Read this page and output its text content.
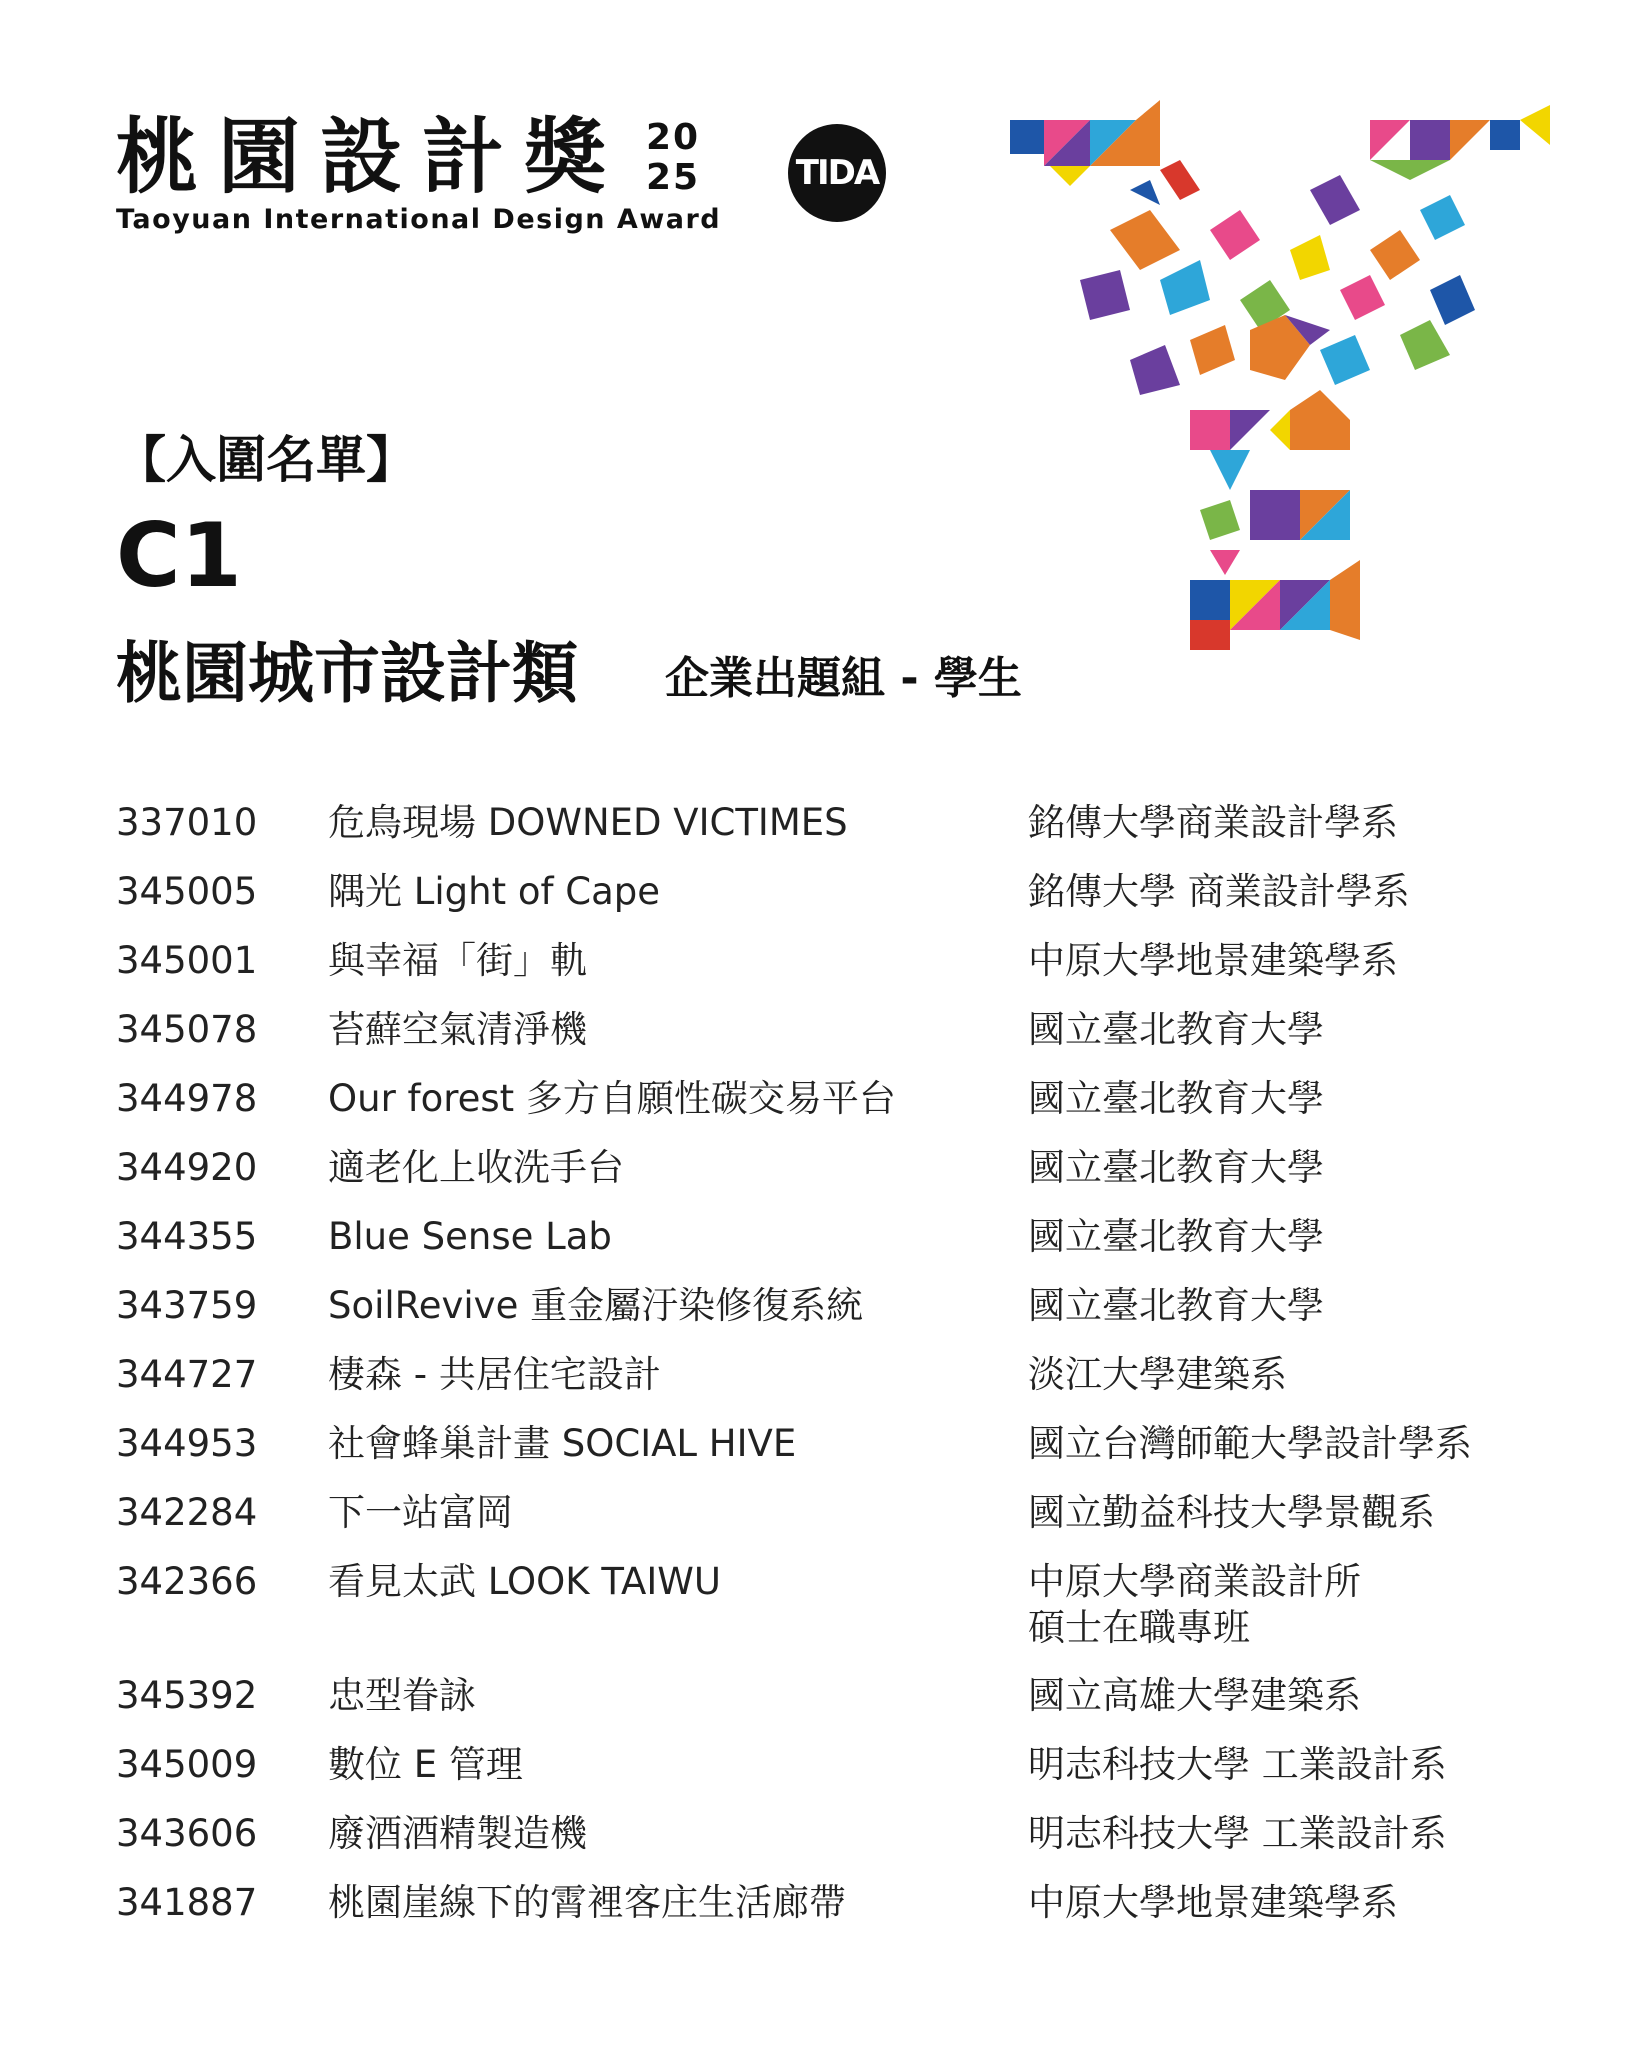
桃園設計獎 20
25
Taoyuan International Design Award
TIDA
【入圍名單】
C1
桃園城市設計類 企業出題組 - 學生
337010 危鳥現場 DOWNED VICTIMES	銘傳大學商業設計學系
345005 隅光 Light of Cape	銘傳大學 商業設計學系
345001 與幸福「街」軌	中原大學地景建築學系
345078 苔蘚空氣清淨機	國立臺北教育大學
344978 Our forest 多方自願性碳交易平台	國立臺北教育大學
344920 適老化上收洗手台	國立臺北教育大學
344355 Blue Sense Lab	國立臺北教育大學
343759 SoilRevive 重金屬汙染修復系統	國立臺北教育大學
344727 棲森 - 共居住宅設計	淡江大學建築系
344953 社會蜂巢計畫 SOCIAL HIVE	國立台灣師範大學設計學系
342284 下一站富岡	國立勤益科技大學景觀系
342366 看見太武 LOOK TAIWU	中原大學商業設計所
碩士在職專班
345392 忠型眷詠	國立高雄大學建築系
345009 數位 E 管理	明志科技大學 工業設計系
343606 廢酒酒精製造機	明志科技大學 工業設計系
341887 桃園崖線下的霄裡客庄生活廊帶	中原大學地景建築學系
